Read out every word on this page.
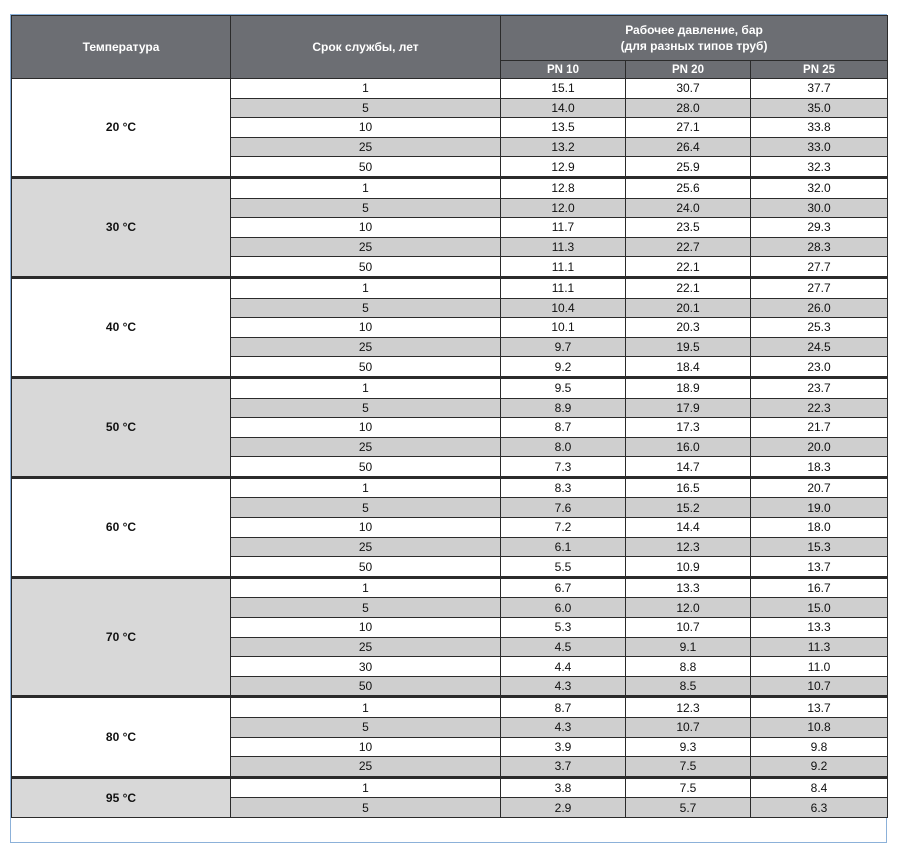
Температура	Срок службы, лет	Рабочее давление, бар
(для разных типов труб)		

		PN 10	PN 20	PN 25
20 °C	1	15.1	30.7	37.7
	5	14.0	28.0	35.0
	10	13.5	27.1	33.8
	25	13.2	26.4	33.0
	50	12.9	25.9	32.3
30 °C	1	12.8	25.6	32.0
	5	12.0	24.0	30.0
	10	11.7	23.5	29.3
	25	11.3	22.7	28.3
	50	11.1	22.1	27.7
40 °C	1	11.1	22.1	27.7
	5	10.4	20.1	26.0
	10	10.1	20.3	25.3
	25	9.7	19.5	24.5
	50	9.2	18.4	23.0
50 °C	1	9.5	18.9	23.7
	5	8.9	17.9	22.3
	10	8.7	17.3	21.7
	25	8.0	16.0	20.0
	50	7.3	14.7	18.3
60 °C	1	8.3	16.5	20.7
	5	7.6	15.2	19.0
	10	7.2	14.4	18.0
	25	6.1	12.3	15.3
	50	5.5	10.9	13.7
70 °C	1	6.7	13.3	16.7
	5	6.0	12.0	15.0
	10	5.3	10.7	13.3
	25	4.5	9.1	11.3
	30	4.4	8.8	11.0
	50	4.3	8.5	10.7
80 °C	1	8.7	12.3	13.7
	5	4.3	10.7	10.8
	10	3.9	9.3	9.8
	25	3.7	7.5	9.2
95 °C	1	3.8	7.5	8.4
	5	2.9	5.7	6.3
